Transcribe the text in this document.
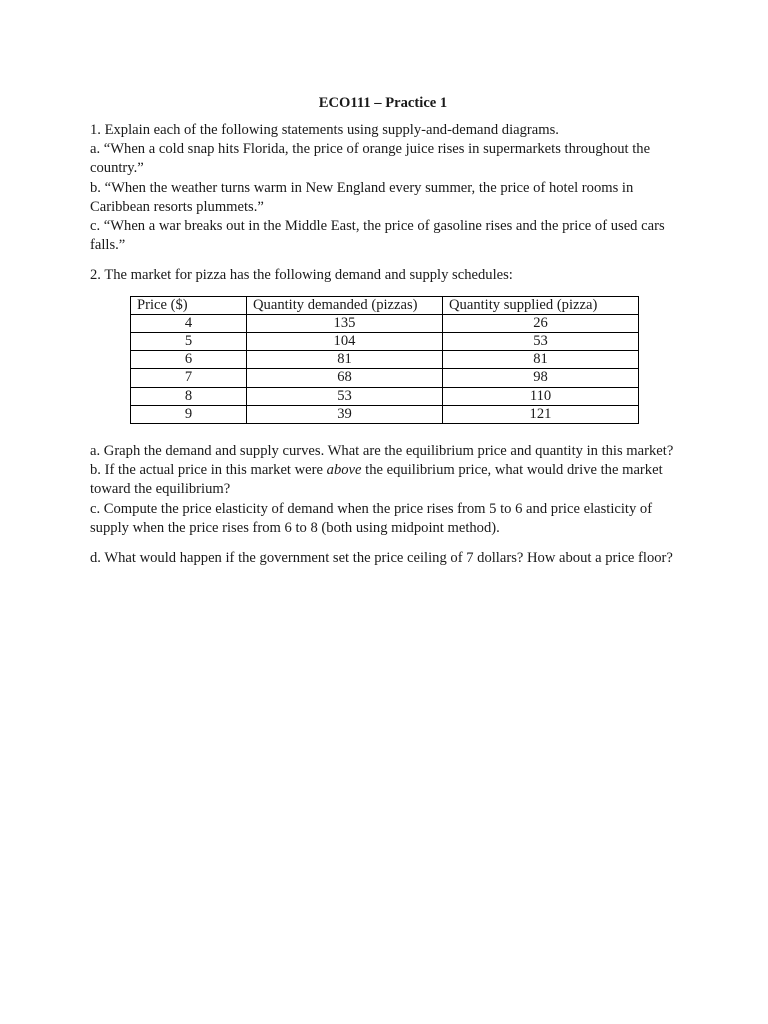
ECO111 – Practice 1

1. Explain each of the following statements using supply-and-demand diagrams.

a. “When a cold snap hits Florida, the price of orange juice rises in supermarkets throughout the country.”

b. “When the weather turns warm in New England every summer, the price of hotel rooms in Caribbean resorts plummets.”

c. “When a war breaks out in the Middle East, the price of gasoline rises and the price of used cars falls.”

2. The market for pizza has the following demand and supply schedules:

Price ($)	Quantity demanded (pizzas)	Quantity supplied (pizza)
4	135	26
5	104	53
6	81	81
7	68	98
8	53	110
9	39	121

a. Graph the demand and supply curves. What are the equilibrium price and quantity in this market?

b. If the actual price in this market were above the equilibrium price, what would drive the market toward the equilibrium?

c. Compute the price elasticity of demand when the price rises from 5 to 6 and price elasticity of supply when the price rises from 6 to 8 (both using midpoint method).

d. What would happen if the government set the price ceiling of 7 dollars? How about a price floor?
